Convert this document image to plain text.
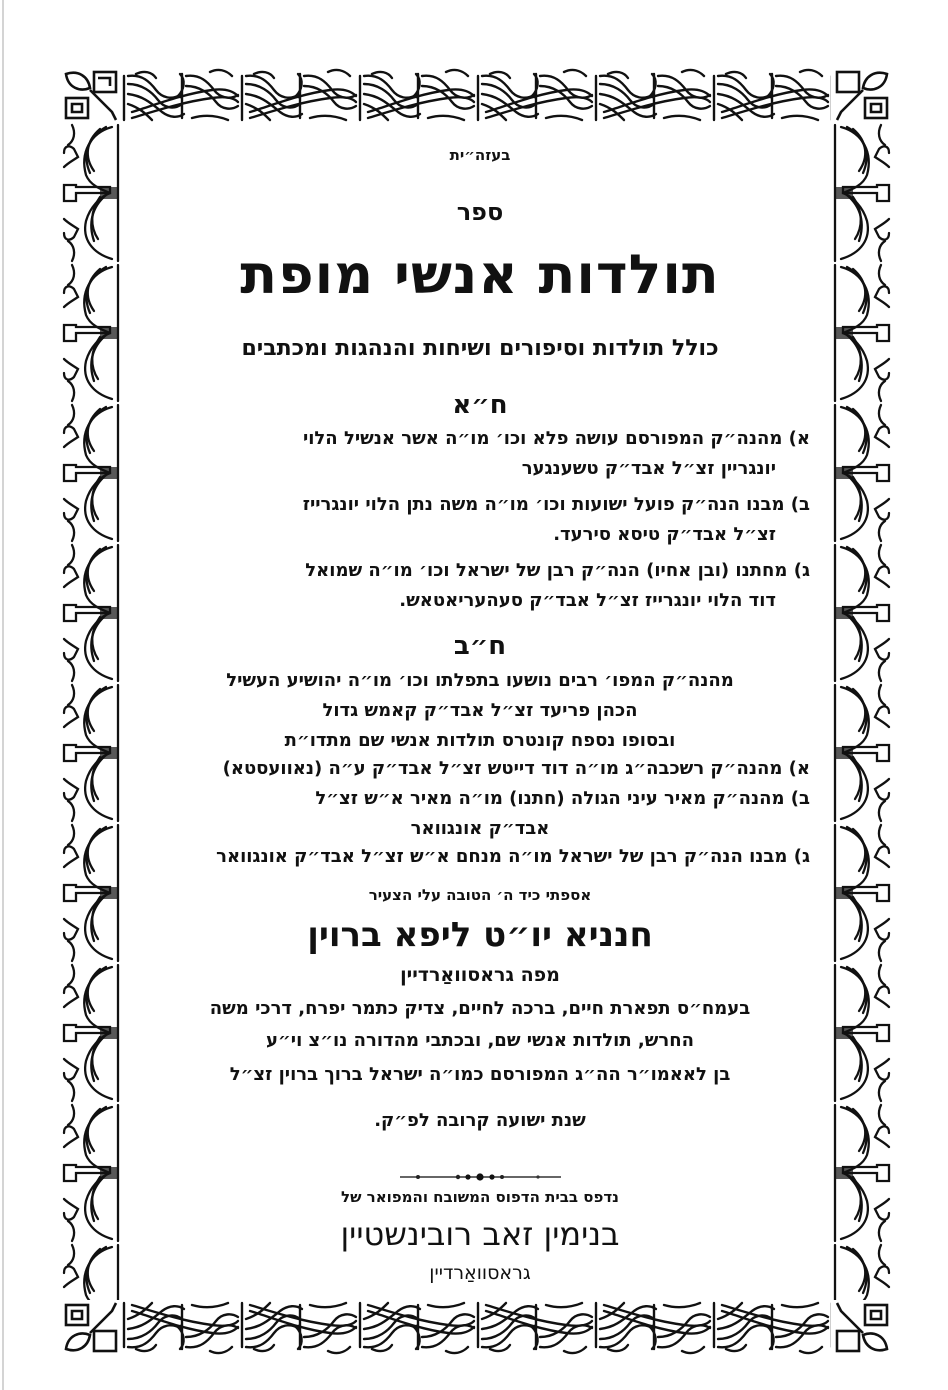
בעזה״ית
ספר
תולדות אנשי מופת
כולל תולדות וסיפורים ושיחות והנהגות ומכתבים
ח״א
א) מהנה״ק המפורסם עושה פלא וכו׳ מו״ה אשר אנשיל הלוי
יונגריין זצ״ל אבד״ק טשענגער
ב) מבנו הנה״ק פועל ישועות וכו׳ מו״ה משה נתן הלוי יונגרייז
זצ״ל אבד״ק טיסא סירעד.
ג) מחתנו (ובן אחיו) הנה״ק רבן של ישראל וכו׳ מו״ה שמואל
דוד הלוי יונגרייז זצ״ל אבד״ק סעהעריאטאש.
ח״ב
מהנה״ק המפו׳ רבים נושעו בתפלתו וכו׳ מו״ה יהושיע העשיל
הכהן פריעד זצ״ל אבד״ק קאמש גדול
ובסופו נספח קונטרס תולדות אנשי שם מתדו״ת
א) מהנה״ק רשכבה״ג מו״ה דוד דייטש זצ״ל אבד״ק ע״ה (נאוועסטא)
ב) מהנה״ק מאיר עיני הגולה (חתנו) מו״ה מאיר א״ש זצ״ל
אבד״ק אונגוואר
ג) מבנו הנה״ק רבן של ישראל מו״ה מנחם א״ש זצ״ל אבד״ק אונגוואר
אספתי כיד ה׳ הטובה עלי הצעיר
חנניא יו״ט ליפא ברוין
מפה גראסוואַרדיין
בעמח״ס תפארת חיים, ברכה לחיים, צדיק כתמר יפרח, דרכי משה
החרש, תולדות אנשי שם, ובכתבי מהדורה נו״צ וי״ע
בן לאאמו״ר הה״ג המפורסם כמו״ה ישראל ברוך ברוין זצ״ל
שנת ישועה קרובה לפ״ק.
נדפס בבית הדפוס המשובח והמפואר של
בנימין זאב רובינשטיין
גראסוואַרדיין
